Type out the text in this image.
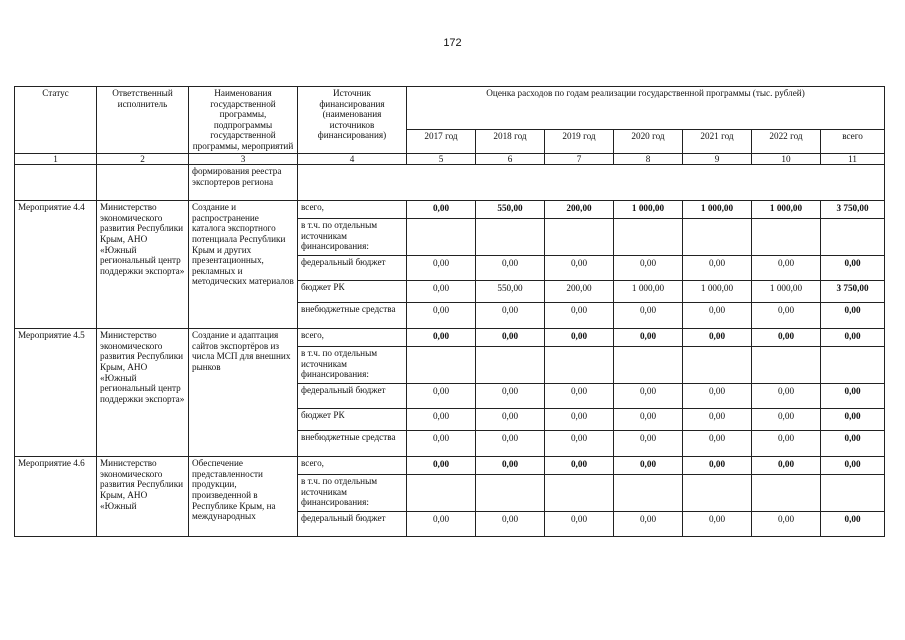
172
Статус	Ответственный исполнитель	Наименования государственной программы, подпрограммы государственной программы, мероприятий	Источник финансирования (наименования источников финансирования)	Оценка расходов по годам реализации государственной программы (тыс. рублей)						
				2017 год	2018 год	2019 год	2020 год	2021 год	2022 год	всего
1	2	3	4	5	6	7	8	9	10	11
		формирования реестра экспортеров региона								
Мероприятие 4.4	Министерство экономического развития Республики Крым, АНО «Южный региональный центр поддержки экспорта»	Создание и распространение каталога экспортного потенциала Республики Крым и других презентационных, рекламных и методических материалов	всего,	0,00	550,00	200,00	1 000,00	1 000,00	1 000,00	3 750,00
			в т.ч. по отдельным источникам финансирования:							
			федеральный бюджет	0,00	0,00	0,00	0,00	0,00	0,00	0,00
			бюджет РК	0,00	550,00	200,00	1 000,00	1 000,00	1 000,00	3 750,00
			внебюджетные средства	0,00	0,00	0,00	0,00	0,00	0,00	0,00
Мероприятие 4.5	Министерство экономического развития Республики Крым, АНО «Южный региональный центр поддержки экспорта»	Создание и адаптация сайтов экспортёров из числа МСП для внешних рынков	всего,	0,00	0,00	0,00	0,00	0,00	0,00	0,00
			в т.ч. по отдельным источникам финансирования:							
			федеральный бюджет	0,00	0,00	0,00	0,00	0,00	0,00	0,00
			бюджет РК	0,00	0,00	0,00	0,00	0,00	0,00	0,00
			внебюджетные средства	0,00	0,00	0,00	0,00	0,00	0,00	0,00
Мероприятие 4.6	Министерство экономического развития Республики Крым, АНО «Южный	Обеспечение представленности продукции, произведенной в Республике Крым, на международных	всего,	0,00	0,00	0,00	0,00	0,00	0,00	0,00
			в т.ч. по отдельным источникам финансирования:							
			федеральный бюджет	0,00	0,00	0,00	0,00	0,00	0,00	0,00
